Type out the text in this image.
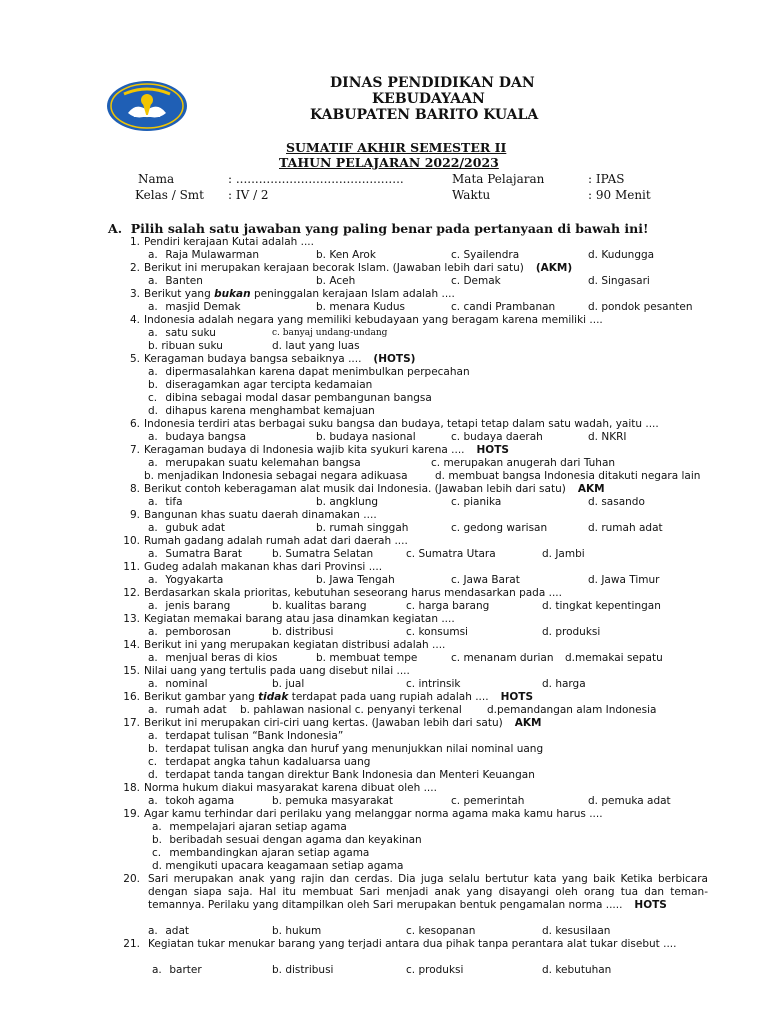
DINAS PENDIDIKAN DAN
KEBUDAYAAN
KABUPATEN BARITO KUALA
SUMATIF AKHIR SEMESTER II
TAHUN PELAJARAN 2022/2023
Nama	: ............................................	Mata Pelajaran	: IPAS
Kelas / Smt : IV / 2	Waktu	: 90 Menit
A. Pilih salah satu jawaban yang paling benar pada pertanyaan di bawah ini!
1. Pendiri kerajaan Kutai adalah ....
a. Raja Mulawarman	b. Ken Arok	c. Syailendra	d. Kudungga
2. Berikut ini merupakan kerajaan becorak Islam. (Jawaban lebih dari satu) (AKM)
a. Banten	b. Aceh	c. Demak	d. Singasari
3. Berikut yang bukan peninggalan kerajaan Islam adalah ....
a. masjid Demak	b. menara Kudus	c. candi Prambanan	d. pondok pesanten
4. Indonesia adalah negara yang memiliki kebudayaan yang beragam karena memiliki ....
a. satu suku	c. banyaj undang-undang
b. ribuan suku	d. laut yang luas
5. Keragaman budaya bangsa sebaiknya .... (HOTS)
a. dipermasalahkan karena dapat menimbulkan perpecahan
b. diseragamkan agar tercipta kedamaian
c. dibina sebagai modal dasar pembangunan bangsa
d. dihapus karena menghambat kemajuan
6. Indonesia terdiri atas berbagai suku bangsa dan budaya, tetapi tetap dalam satu wadah, yaitu ....
a. budaya bangsa	b. budaya nasional	c. budaya daerah	d. NKRI
7. Keragaman budaya di Indonesia wajib kita syukuri karena .... HOTS
a. merupakan suatu kelemahan bangsa	c. merupakan anugerah dari Tuhan
b. menjadikan Indonesia sebagai negara adikuasa	d. membuat bangsa Indonesia ditakuti negara lain
8. Berikut contoh keberagaman alat musik dai Indonesia. (Jawaban lebih dari satu) AKM
a. tifa	b. angklung	c. pianika	d. sasando
9. Bangunan khas suatu daerah dinamakan ....
a. gubuk adat	b. rumah singgah	c. gedong warisan	d. rumah adat
10. Rumah gadang adalah rumah adat dari daerah ....
a. Sumatra Barat	b. Sumatra Selatan	c. Sumatra Utara	d. Jambi
11. Gudeg adalah makanan khas dari Provinsi ....
a. Yogyakarta	b. Jawa Tengah	c. Jawa Barat	d. Jawa Timur
12. Berdasarkan skala prioritas, kebutuhan seseorang harus mendasarkan pada ....
a. jenis barang	b. kualitas barang	c. harga barang	d. tingkat kepentingan
13. Kegiatan memakai barang atau jasa dinamkan kegiatan ....
a. pemborosan	b. distribusi	c. konsumsi	d. produksi
14. Berikut ini yang merupakan kegiatan distribusi adalah ....
a. menjual beras di kios	b. membuat tempe	c. menanam durian d.memakai sepatu
15. Nilai uang yang tertulis pada uang disebut nilai ....
a. nominal	b. jual	c. intrinsik	d. harga
16. Berikut gambar yang tidak terdapat pada uang rupiah adalah .... HOTS
a. rumah adat b. pahlawan nasional c. penyanyi terkenal d.pemandangan alam Indonesia
17. Berikut ini merupakan ciri-ciri uang kertas. (Jawaban lebih dari satu) AKM
a. terdapat tulisan “Bank Indonesia”
b. terdapat tulisan angka dan huruf yang menunjukkan nilai nominal uang
c. terdapat angka tahun kadaluarsa uang
d. terdapat tanda tangan direktur Bank Indonesia dan Menteri Keuangan
18. Norma hukum diakui masyarakat karena dibuat oleh ....
a. tokoh agama	b. pemuka masyarakat	c. pemerintah	d. pemuka adat
19. Agar kamu terhindar dari perilaku yang melanggar norma agama maka kamu harus ....
a. mempelajari ajaran setiap agama
b. beribadah sesuai dengan agama dan keyakinan
c. membandingkan ajaran setiap agama
d. mengikuti upacara keagamaan setiap agama
20. Sari merupakan anak yang rajin dan cerdas. Dia juga selalu bertutur kata yang baik Ketika berbicara dengan siapa saja. Hal itu membuat Sari menjadi anak yang disayangi oleh orang tua dan teman-temannya. Perilaku yang ditampilkan oleh Sari merupakan bentuk pengamalan norma ..... HOTS
a. adat	b. hukum	c. kesopanan	d. kesusilaan
21. Kegiatan tukar menukar barang yang terjadi antara dua pihak tanpa perantara alat tukar disebut ....
a. barter	b. distribusi	c. produksi	d. kebutuhan
